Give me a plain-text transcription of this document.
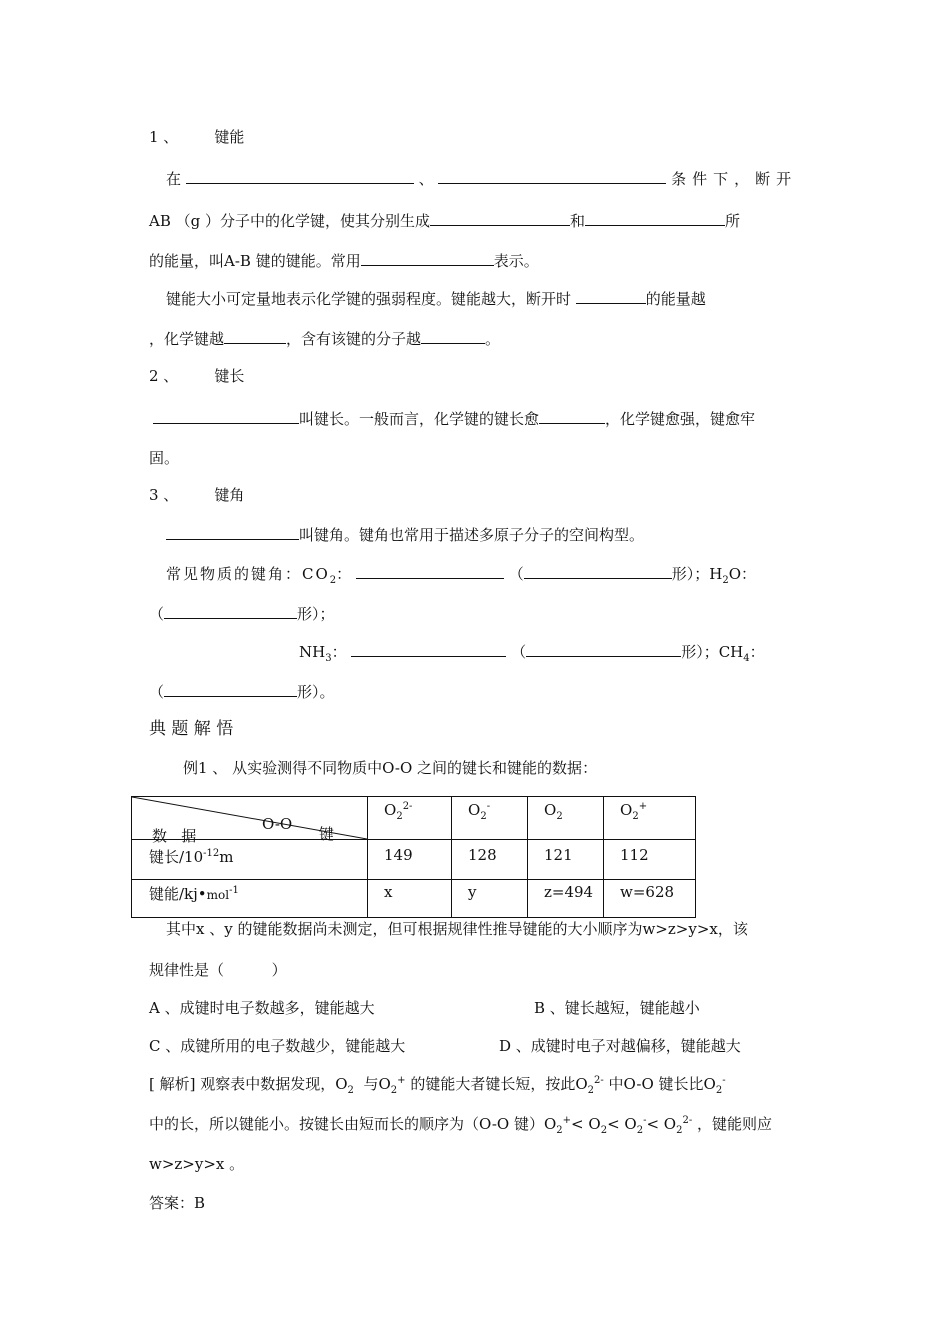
1 、 键能
在	、	条件下，断开
AB （g ）分子中的化学键，使其分别生成	和	所
的能量，叫A-B 键的键能。常用	表示。
键能大小可定量地表示化学键的强弱程度。键能越大，断开时	的能量越
，化学键越	，含有该键的分子越	。
2 、 键长
叫键长。一般而言，化学键的键长愈	，化学键愈强，键愈牢
固。
3 、 键角
叫键角。键角也常用于描述多原子分子的空间构型。
常见物质的键角：$CO_2$：	（	形）；$H_2O$：
（	形）；
$NH_3$：	（	形）；$CH_4$：
（	形）。
典 题 解 悟
例1 、 从实验测得不同物质中O-O 之间的键长和键能的数据：
O-O
键
数   据	$O_2^{2-}$	$O_2^-$	$O_2$	$O_2^+$
键长$/10^{-12}m$	149	128	121	112
键能/kj•mol$^{-1}$	x	y	z=494	w=628
其中x 、y 的键能数据尚未测定，但可根据规律性推导键能的大小顺序为w>z>y>x，该
规律性是（          ）
A 、成键时电子数越多，键能越大	B 、键长越短，键能越小
C 、成键所用的电子数越少，键能越大	D 、成键时电子对越偏移，键能越大
[ 解析] 观察表中数据发现，$O_2$ 与$O_2^+$ 的键能大者键长短，按此$O_2^{2-}$ 中O-O 键长比$O_2^-$
中的长，所以键能小。按键长由短而长的顺序为（O-O 键）$O_2^+< O_2< O_2^-< O_2^{2-}$ ，键能则应
w>z>y>x 。
答案：B
